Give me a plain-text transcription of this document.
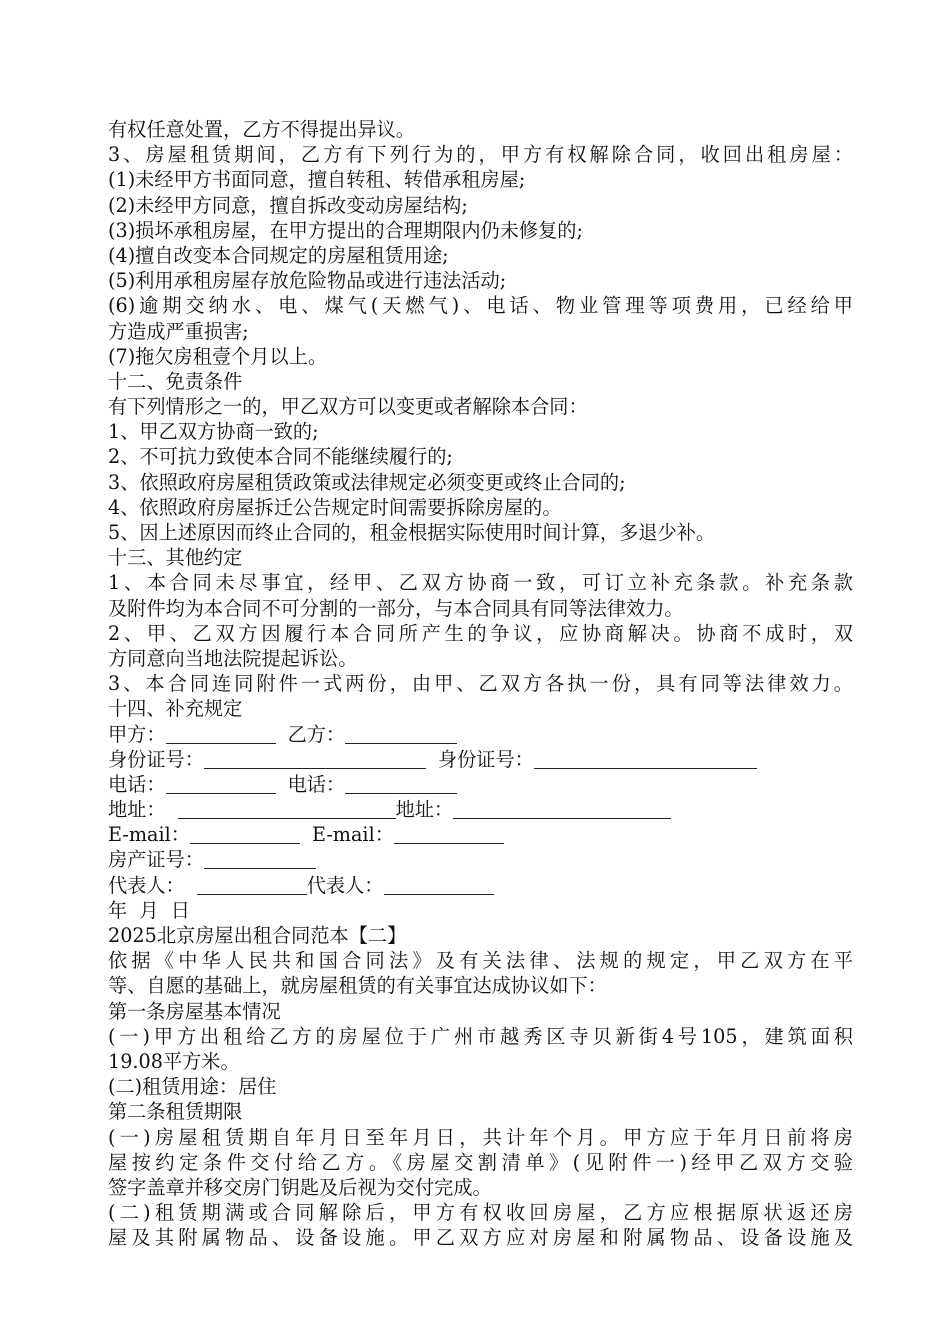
有权任意处置，乙方不得提出异议。
3、房屋租赁期间，乙方有下列行为的，甲方有权解除合同，收回出租房屋：
(1)未经甲方书面同意，擅自转租、转借承租房屋;
(2)未经甲方同意，擅自拆改变动房屋结构;
(3)损坏承租房屋，在甲方提出的合理期限内仍未修复的;
(4)擅自改变本合同规定的房屋租赁用途;
(5)利用承租房屋存放危险物品或进行违法活动;
(6)逾期交纳水、电、煤气(天燃气)、电话、物业管理等项费用，已经给甲
方造成严重损害;
(7)拖欠房租壹个月以上。
十二、免责条件
有下列情形之一的，甲乙双方可以变更或者解除本合同：
1、甲乙双方协商一致的;
2、不可抗力致使本合同不能继续履行的;
3、依照政府房屋租赁政策或法律规定必须变更或终止合同的;
4、依照政府房屋拆迁公告规定时间需要拆除房屋的。
5、因上述原因而终止合同的，租金根据实际使用时间计算，多退少补。
十三、其他约定
1、本合同未尽事宜，经甲、乙双方协商一致，可订立补充条款。补充条款
及附件均为本合同不可分割的一部分，与本合同具有同等法律效力。
2、甲、乙双方因履行本合同所产生的争议，应协商解决。协商不成时，双
方同意向当地法院提起诉讼。
3、本合同连同附件一式两份，由甲、乙双方各执一份，具有同等法律效力。
十四、补充规定
甲方：	乙方：
身份证号：	身份证号：
电话：	电话：
地址：	地址：
E-mail：	E-mail：
房产证号：
代表人：	代表人：
年  月  日
2025北京房屋出租合同范本【二】
依据《中华人民共和国合同法》及有关法律、法规的规定，甲乙双方在平
等、自愿的基础上，就房屋租赁的有关事宜达成协议如下：
第一条房屋基本情况
(一)甲方出租给乙方的房屋位于广州市越秀区寺贝新街4号105，建筑面积
19.08平方米。
(二)租赁用途：居住
第二条租赁期限
(一)房屋租赁期自年月日至年月日，共计年个月。甲方应于年月日前将房
屋按约定条件交付给乙方。《房屋交割清单》(见附件一)经甲乙双方交验
签字盖章并移交房门钥匙及后视为交付完成。
(二)租赁期满或合同解除后，甲方有权收回房屋，乙方应根据原状返还房
屋及其附属物品、设备设施。甲乙双方应对房屋和附属物品、设备设施及
